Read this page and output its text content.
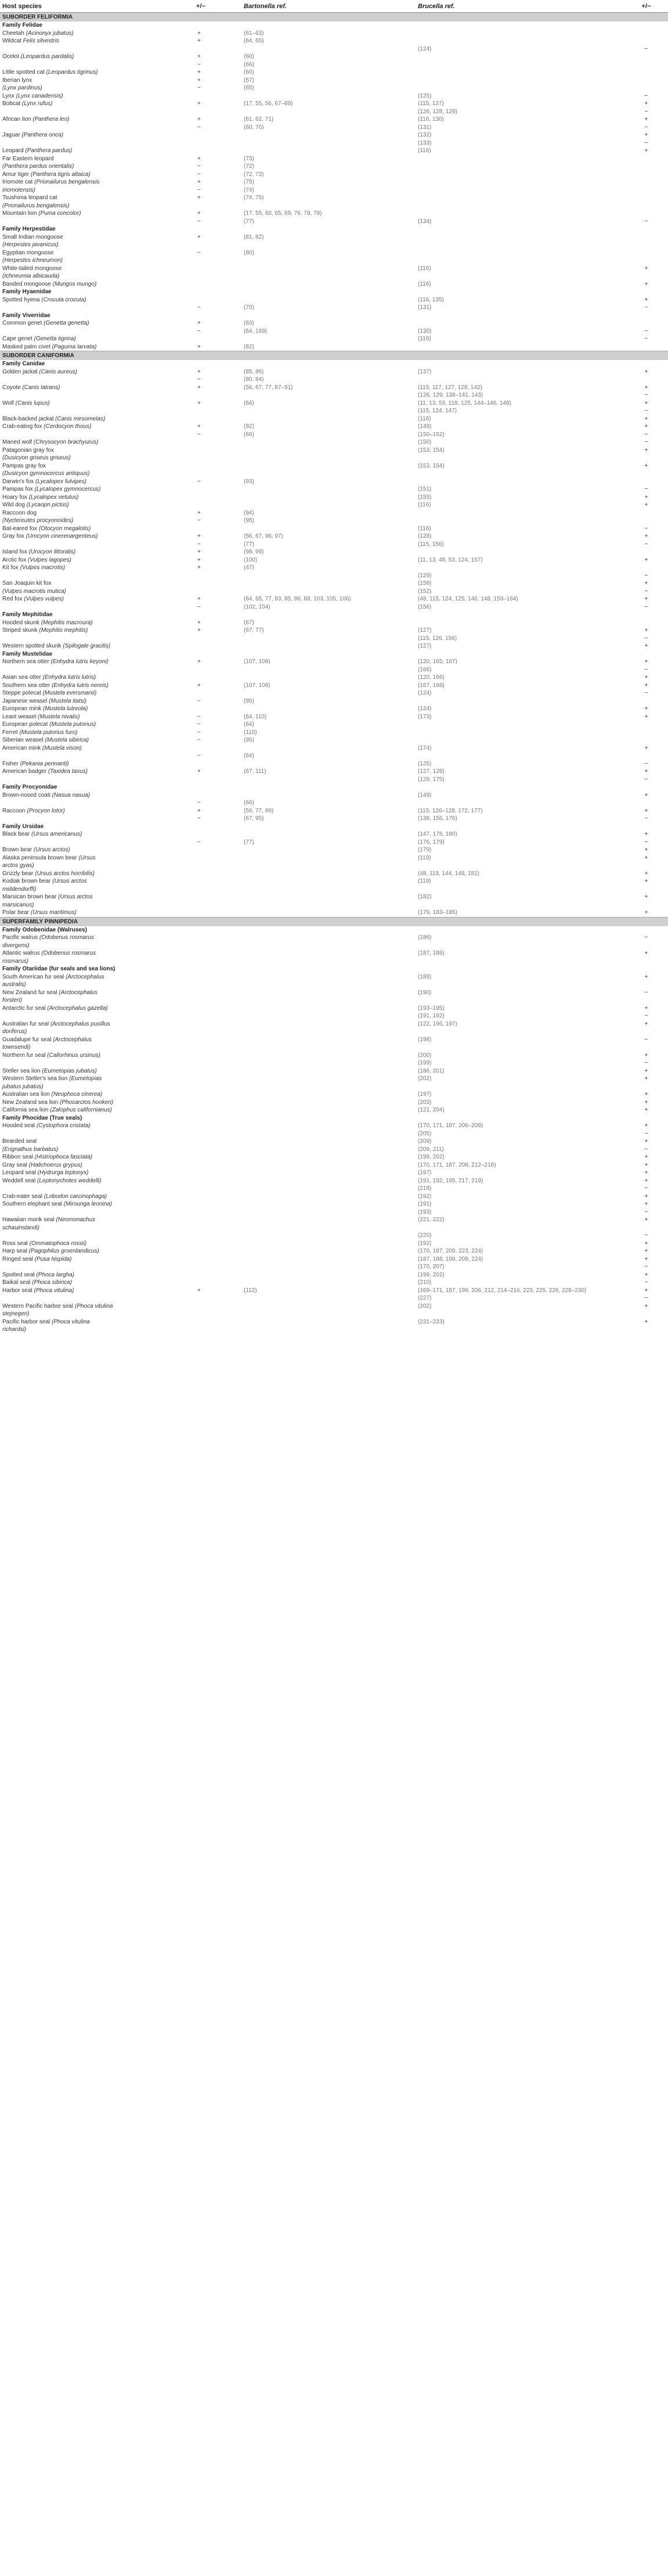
Host species	+/−	Bartonella ref.	Brucella ref.	+/−
SUBORDER FELIFORMIA				
Family Felidae				
Cheetah (Acinonyx jubatus)	+	(61–63)		
Wildcat Felis silvestris	+	(64, 65)		
			(124)	−
Ocelot (Leopardus pardalis)	+	(60)		
	−	(66)		
Little spotted cat (Leopardus tigrinus)	+	(60)		
Iberian lynx	+	(57)		
(Lynx pardinus)	−	(65)		
Lynx (Lynx canadensis)			(125)	−
Bobcat (Lynx rufus)	+	(17, 55, 56, 67–69)	(115, 127)	+
			(126, 128, 129)	−
African lion (Panthera leo)	+	(61, 62, 71)	(116, 130)	+
	−	(60, 70)	(131)	−
Jaguar (Panthera onca)			(132)	+
			(133)	−
Leopard (Panthera pardus)			(116)	+
Far Eastern leopard	+	(73)		
(Panthera pardus orientalis)	−	(72)		
Amur tiger (Panthera tigris altaica)	−	(72, 73)		
Iriomote cat (Prionailurus bengalensis	+	(75)		
iriomotensis)	−	(74)		
Tsushima leopard cat	+	(74, 75)		
(Prionailurus bengalensis)				
Mountain lion (Puma concolor)	+	(17, 55, 60, 65, 69, 76, 78, 79)		
	−	(77)	(134)	−
Family Herpestidae				
Small Indian mongoose	+	(81, 82)		
(Herpestes javanicus)				
Egyptian mongoose	−	(80)		
(Herpestes ichneumon)				
White-tailed mongoose			(116)	+
(Ichneumia albicauda)				
Banded mongoose (Mungos mungo)			(116)	+
Family Hyaenidae				
Spotted hyena (Crocuta crocuta)			(116, 135)	+
	−	(70)	(131)	−
Family Viverridae				
Common genet (Genetta genetta)	+	(83)		
	−	(64, 169)	(130)	−
Cape genet (Genetta tigrina)			(116)	−
Masked palm civet (Paguma larvata)	+	(82)		
SUBORDER CANIFORMIA				
Family Canidae				
Golden jackal (Canis aureus)	+	(85, 86)	(137)	+
	−	(80, 84)		
Coyote (Canis latrans)	+	(56, 67, 77, 87–91)	(115, 117, 127, 128, 142)	+
			(126, 129, 138–141, 143)	−
Wolf (Canis lupus)	+	(64)	(11, 13, 53, 118, 125, 144–146, 148)	+
			(115, 124, 147)	−
Black-backed jackal (Canis mesomelas)			(116)	+
Crab-eating fox (Cerdocyon thous)	+	(92)	(149)	+
	−	(66)	(150–152)	−
Maned wolf (Chrysocyon brachyurus)			(150)	−
Patagonian gray fox			(153, 154)	+
(Dusicyon griseus griseus)				
Pampas gray fox			(153, 154)	+
(Dusicyon gymnocercus antiquus)				
Darwin's fox (Lycalopex fulvipes)	−	(93)		
Pampas fox (Lycalopex gymnocercus)			(151)	−
Hoary fox (Lycalopex vetulus)			(155)	+
Wild dog (Lycaopn pictus)			(116)	+
Raccoon dog	+	(94)		
(Nyctereutes procyonoides)	−	(95)		
Bat-eared fox (Otocyon megalotis)			(116)	−
Gray fox (Urocyon cinereoargenteus)	+	(56, 67, 96, 97)	(128)	+
	−	(77)	(115, 156)	−
Island fox (Urocyon littoralis)	+	(98, 99)		
Arctic fox (Vulpes lagopes)	+	(100)	(11, 13, 48, 53, 124, 157)	+
Kit fox (Vulpes macrotis)	+	(47)		
			(129)	−
San Joaquin kit fox			(158)	+
(Vulpes macrotis mutica)			(152)	−
Red fox (Vulpes vulpes)	+	(64, 65, 77, 83, 85, 86, 88, 103, 105, 106)	(48, 115, 124, 125, 146, 148, 159–164)	+
	−	(102, 104)	(156)	−
Family Mephitidae				
Hooded skunk (Mephitis macroura)	+	(67)		
Striped skunk (Mephitis mephitis)	+	(67, 77)	(127)	+
			(115, 126, 156)	−
Western spotted skunk (Spilogale gracilis)			(127)	+
Family Mustelidae				
Northern sea otter (Enhydra lutris keyoni)	+	(107, 108)	(120, 165, 167)	+
			(166)	−
Asian sea otter (Enhydra lutris lutris)			(120, 166)	+
Southern sea otter (Enhydra lutris nereis)	+	(107, 108)	(167, 168)	+
Steppe polecat (Mustela eversmanii)			(124)	−
Japanese weasel (Mustela itatsi)	−	(95)		
European mink (Mustela lutreola)			(124)	+
Least weasel (Mustela nivalis)	−	(64, 110)	(173)	+
European polecat (Mustela putorius)	−	(64)		
Ferret (Mustela putorius furo)	−	(110)		
Siberian weasel (Mustela sibirica)	−	(95)		
American mink (Mustela vison)			(174)	+
	−	(64)		
Fisher (Pekania pennanti)			(125)	−
American badger (Taxidea taxus)	+	(67, 111)	(127, 128)	+
			(129, 175)	−
Family Procyonidae				
Brown-nosed coati (Nasua nasua)			(149)	+
	−	(66)		
Raccoon (Procyon lotor)	+	(56, 77, 89)	(115, 126–128, 172, 177)	+
	−	(67, 95)	(138, 156, 176)	−
Family Ursidae				
Black bear (Ursus americanus)			(147, 178, 180)	+
	−	(77)	(176, 179)	−
Brown bear (Ursus arctos)			(179)	+
Alaska peninsula brown bear (Ursus			(119)	+
arctos gyas)				
Grizzly bear (Ursus arctos horribilis)			(48, 119, 144, 148, 181)	+
Kodiak brown bear (Ursus arctos			(119)	+
middendorffi)				
Marsican brown bear (Ursus arctos			(182)	+
marsicanus)				
Polar bear (Ursus maritimus)			(179, 183–185)	+
SUPERFAMILY PINNIPEDIA				
Family Odobenidae (Walruses)				
Pacific walrus (Odobenus rosmarus			(186)	−
divergens)				
Atlantic walrus (Odobenus rosmarus			(187, 188)	+
rosmarus)				
Family Otariidae (fur seals and sea lions)				
South American fur seal (Arctocephalus			(189)	+
australis)				
New Zealand fur seal (Arctocephalus			(190)	−
forsteri)				
Antarctic fur seal (Arctocephalus gazella)			(193–195)	+
			(191, 192)	−
Australian fur seal (Arctocephalus pusillus			(122, 196, 197)	+
doriferus)				
Guadalupe fur seal (Arctocephalus			(198)	−
townsendi)				
Northern fur seal (Callorhinus ursinus)			(200)	+
			(199)	−
Steller sea lion (Eumetopias jubatus)			(186, 201)	+
Western Steller's sea lion (Eumetopias			(202)	+
jubatus jubatus)				
Australian sea lion (Neophoca cinerea)			(197)	+
New Zealand sea lion (Phocarctos hookeri)			(203)	+
California sea lion (Zalophus californianus)			(121, 204)	+
Family Phocidae (True seals)				
Hooded seal (Cystophora cristata)			(170, 171, 187, 206–209)	+
			(205)	−
Bearded seal			(209)	+
(Erignathus barbatus)			(209, 211)	−
Ribbon seal (Histriophoca fasciata)			(199, 202)	+
Gray seal (Halichoerus grypus)			(170, 171, 187, 208, 212–216)	+
Leopard seal (Hydrurga leptonyx)			(197)	+
Weddell seal (Leptonychotes weddelli)			(191, 192, 195, 217, 219)	+
			(218)	−
Crab-eater seal (Lobodon carcinophaga)			(192)	+
Southern elephant seal (Mirounga leonina)			(191)	+
			(193)	−
Hawaiian monk seal (Neomonachus			(221, 222)	+
schauinslandi)				
			(220)	−
Ross seal (Ommatophoca rossii)			(192)	+
Harp seal (Pagophilus groenlandicus)			(170, 187, 209, 223, 224)	+
Ringed seal (Pusa hispida)			(187, 188, 199, 209, 224)	+
			(170, 207)	−
Spotted seal (Phoca largha)			(199, 202)	+
Baikal seal (Phoca sibirica)			(210)	−
Harbor seal (Phoca vitulina)	+	(112)	(169–171, 187, 199, 206, 212, 214–216, 223, 225, 226, 228–230)	+
			(227)	−
Western Pacific harbor seal (Phoca vitulina			(202)	+
stejnegeri)				
Pacific harbor seal (Phoca vitulina			(231–233)	+
richardsi)				
